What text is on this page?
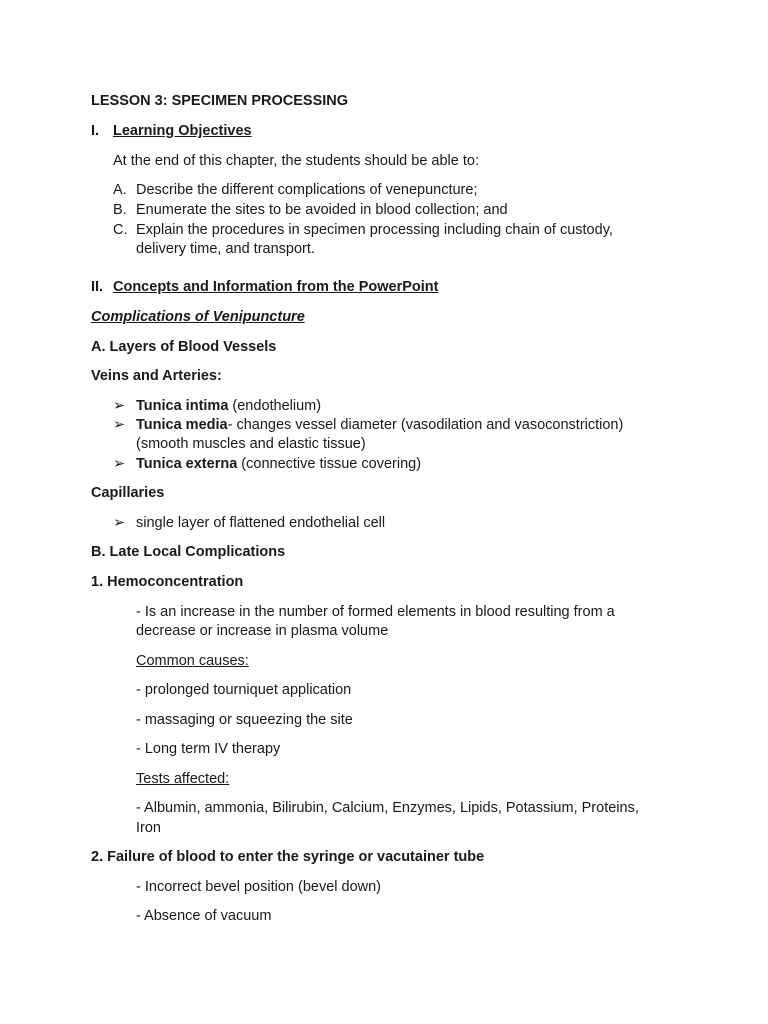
LESSON 3: SPECIMEN PROCESSING
I. Learning Objectives
At the end of this chapter, the students should be able to:
A. Describe the different complications of venepuncture;
B. Enumerate the sites to be avoided in blood collection; and
C. Explain the procedures in specimen processing including chain of custody,
delivery time, and transport.
II. Concepts and Information from the PowerPoint
Complications of Venipuncture
A. Layers of Blood Vessels
Veins and Arteries:
➢ Tunica intima (endothelium)
➢ Tunica media- changes vessel diameter (vasodilation and vasoconstriction)
(smooth muscles and elastic tissue)
➢ Tunica externa (connective tissue covering)
Capillaries
➢ single layer of flattened endothelial cell
B. Late Local Complications
1. Hemoconcentration
- Is an increase in the number of formed elements in blood resulting from a
decrease or increase in plasma volume
Common causes:
- prolonged tourniquet application
- massaging or squeezing the site
- Long term IV therapy
Tests affected:
- Albumin, ammonia, Bilirubin, Calcium, Enzymes, Lipids, Potassium, Proteins,
Iron
2. Failure of blood to enter the syringe or vacutainer tube
- Incorrect bevel position (bevel down)
- Absence of vacuum
